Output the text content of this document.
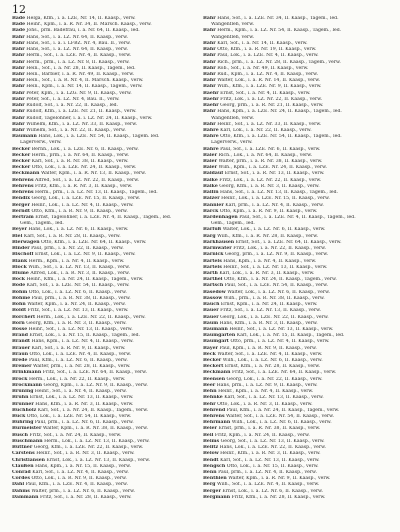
12
Bade Helga, Kfm., i. a. LZE, Nr. 14, II. Kaasp., verw.
Bade Heinr., Kpm., i. a. R. Nr. 34, II. Marsch. Kaasp., verw.
Bade Johs., prm. Badefrau, i. a. Nr. 64, II. Kaasp., led.
Bahr Hans, Sof., i. a. LZ. Nr. 64, II. Kaasp., verw.
Bahr Hans, Sof., i. a. i. LFBZ. Nr. 4, Bau. II., verw.
Bahr Hans, Sof., i. a. LZ. Nr. 64, II. Kaasp., verw.
Bahr Herm., Sof., i. a. LZE. Nr. 4, II. Kaasp., verw.
Bahr Herm., prm., i. a. LZ. Nr. 8, II. Kaasp., verw.
Bahr Hein., Sof., i. a. Nr. 28, II. Kaasp., Tagem., led.
Bahr Hein., Barbier, i. a. R. Nr. 49, II. Kaasp., verw.
Bahr Hein., Sof., i. a. R. Nr. 4, II. Marsch. Kaasp., verw.
Bahr Hein., Kpm., i. a. Nr. 14, II. Kaasp., Tagem., verw.
Bahr Peter, Kpm., i. a. LZG. Nr. 9, II. Kaasp., verw.
Bahr Peter, Sof., i. a. LZ. Nr. 4, Bau. II., verw.
Bahr Rudolf, Sof., i. a. Nr. 22, II. Kaasp., led.
Bahr Rudolf, Kfm., i. a. LZE. Nr. 21, II. Kaasp., verw.
Bahr Rudolf, Tagelöhner, i. a. i. LZ. Nr. 24, II. Kaasp., verw.
Bahr Wilhelm, Kfm., i. a. LZ. Nr. 33, II. Kaasp., verw.
Bahr Wilhelm, Sof., i. a. Nr. 22, II. Kaasp., verw.
Baumann Hans, Lok., i. a. LZE. Nr. 54, II. Kaasp., Tagem. led.
Lagerverw., verw.
Becker Bernh., Lok., i. a. LZE. Nr. 6, II. Kaasp., verw.
Becker Herm., prm., i. a. Nr. 64, II. Kaasp., verw.
Becker Karl, Sof., i. a. R. Nr. 38, II. Kaasp., verw.
Becker Otto, Lok., i. a. LZE. Nr. 24, II. Kaasp., verw.
Beckmann Walter, Kpm., i. a. R. Nr. 13, II. Kaasp., verw.
Behrens Alfred, Sof., i. a. LZ. Nr. 22, II. Kaasp., verw.
Behrens Fritz, Kfm., i. a. R. Nr. 3, II. Kaasp., verw.
Behrens Herm., prm., i. a. LZ. Nr. 13, II. Kaasp., Tagem., led.
Bendix Georg, Lok., i. a. LZE. Nr. 15, II. Kaasp., verw.
Berger Heinr., Lok., i. a. LZ. Nr. 4, II. Kaasp., verw.
Berndt Otto, Kfm., i. a. R. Nr. 9, II. Kaasp., verw.
Bertram Ernst, Tagelöhner, i. a. LZE. Nr. 4, II. Kaasp., Tagem., led.
Gem., Tagem., led.
Beyer Hans, Lok., i. a. LZ. Nr. 6, II. Kaasp., verw.
Biel Karl, Sof., i. a. R. Nr. 28, II. Kaasp., verw.
Bierwagen Otto, Kfm., i. a. LZE. Nr. 64, II. Kaasp., verw.
Binder Paul, prm., i. a. Nr. 22, II. Kaasp., verw.
Bischoff Ernst, Lok., i. a. LZ. Nr. 9, II. Kaasp., verw.
Blank Herm., Kpm., i. a. Nr. 4, II. Kaasp., verw.
Block Wilh., Sof., i. a. LZ. Nr. 13, II. Kaasp., verw.
Blume Alfred, Lok., i. a. R. Nr. 3, II. Kaasp., verw.
Bock Heinr., Kfm., i. a. Nr. 24, II. Kaasp., Tagem., verw.
Bode Karl, Sof., i. a. LZE. Nr. 54, II. Kaasp., verw.
Böhm Otto, Lok., i. a. LZ. Nr. 6, II. Kaasp., verw.
Böhme Paul, prm., i. a. R. Nr. 38, II. Kaasp., verw.
Bohn Walter, Kpm., i. a. Nr. 24, II. Kaasp., verw.
Boldt Fritz, Sof., i. a. LZ. Nr. 13, II. Kaasp., verw.
Borchert Herm., Lok., i. a. LZE. Nr. 22, II. Kaasp., verw.
Born Georg, Kfm., i. a. R. Nr. 3, II. Kaasp., verw.
Bosse Heinr., Sof., i. a. LZ. Nr. 13, II. Kaasp., verw.
Brand Ernst, Lok., i. a. Nr. 15, II. Kaasp., Tagem., led.
Brandt Hans, Kpm., i. a. LZ. Nr. 4, II. Kaasp., verw.
Brauer Karl, Sof., i. a. R. Nr. 9, II. Kaasp., verw.
Braun Otto, Lok., i. a. LZE. Nr. 4, II. Kaasp., verw.
Brede Paul, Kfm., i. a. LZ. Nr. 6, II. Kaasp., verw.
Bremer Walter, prm., i. a. Nr. 28, II. Kaasp., verw.
Brinkmann Fritz, Sof., i. a. LZE. Nr. 64, II. Kaasp., verw.
Brock Herm., Lok., i. a. Nr. 22, II. Kaasp., verw.
Brockmann Georg, Kpm., i. a. LZ. Nr. 9, II. Kaasp., verw.
Brüning Heinr., Sof., i. a. Nr. 4, II. Kaasp., verw.
Bruhn Ernst, Lok., i. a. LZ. Nr. 13, II. Kaasp., verw.
Brunner Hans, Kfm., i. a. R. Nr. 3, II. Kaasp., verw.
Buchholz Karl, Sof., i. a. Nr. 24, II. Kaasp., Tagem., verw.
Buck Otto, Lok., i. a. LZE. Nr. 54, II. Kaasp., verw.
Bühring Paul, prm., i. a. LZ. Nr. 6, II. Kaasp., verw.
Burmeister Walter, Kpm., i. a. R. Nr. 38, II. Kaasp., verw.
Busch Fritz, Sof., i. a. Nr. 24, II. Kaasp., verw.
Buschmann Herm., Lok., i. a. LZ. Nr. 13, II. Kaasp., verw.
Büttner Georg, Kfm., i. a. LZE. Nr. 22, II. Kaasp., verw.
Carstens Heinr., Sof., i. a. R. Nr. 3, II. Kaasp., verw.
Christiansen Ernst, Lok., i. a. LZ. Nr. 13, II. Kaasp., verw.
Claußen Hans, Kpm., i. a. Nr. 15, II. Kaasp., verw.
Conrad Karl, Sof., i. a. LZ. Nr. 4, II. Kaasp., verw.
Cordes Otto, Lok., i. a. R. Nr. 9, II. Kaasp., verw.
Dahl Paul, Kfm., i. a. LZE. Nr. 4, II. Kaasp., verw.
Dahms Walter, prm., i. a. LZ. Nr. 6, II. Kaasp., verw.
Dammann Fritz, Sof., i. a. Nr. 28, II. Kaasp., verw.
Bahr Hans, Sof., i. a. LZE. Nr. 34, II. Kaasp., Tagem., led.
Wangenfleh, verw.
Bahr Herm., Kpm., i. a. LZ. Nr. 54, II. Kaasp., Tagem., led.
Wangenfleh, verw.
Bahr Karl, Sof., i. a. Nr. 14, II. Kaasp., verw.
Bahr Otto, Kfm., i. a. R. Nr. 19, II. Kaasp., verw.
Bahr Paul, Lok., i. a. LZE. Nr. 4, II. Kaasp., verw.
Bahr Rich., prm., i. a. LZ. Nr. 28, II. Kaasp., Tagem., verw.
Bahr Rob., Sof., i. a. Nr. 49, II. Kaasp., verw.
Bahr Rud., Kpm., i. a. LZ. Nr. 4, II. Kaasp., verw.
Bahr Walter, Lok., i. a. R. Nr. 14, II. Kaasp., verw.
Bahr Wilh., Kfm., i. a. LZE. Nr. 9, II. Kaasp., verw.
Baehr Ernst, Sof., i. a. Nr. 4, II. Kaasp., verw.
Baehr Fritz, Lok., i. a. LZ. Nr. 22, II. Kaasp., verw.
Baehr Georg, prm., i. a. R. Nr. 21, II. Kaasp., verw.
Bähr Hans, Kpm., i. a. LZE. Nr. 24, II. Kaasp., Tagem., led.
Wangenfleh, verw.
Bähr Heinr., Sof., i. a. LZ. Nr. 33, II. Kaasp., verw.
Bähre Karl, Lok., i. a. Nr. 22, II. Kaasp., verw.
Bähre Otto, Kfm., i. a. LZE. Nr. 54, II. Kaasp., Tagem., led.
Lagerverw., verw.
Bähre Paul, Sof., i. a. LZE. Nr. 6, II. Kaasp., verw.
Baier Rich., Lok., i. a. Nr. 64, II. Kaasp., verw.
Baier Walter, prm., i. a. R. Nr. 38, II. Kaasp., verw.
Baier Wilh., Kpm., i. a. LZE. Nr. 24, II. Kaasp., verw.
Baldauf Ernst, Sof., i. a. R. Nr. 13, II. Kaasp., verw.
Balke Fritz, Lok., i. a. LZ. Nr. 22, II. Kaasp., verw.
Balke Georg, Kfm., i. a. R. Nr. 3, II. Kaasp., verw.
Ballin Hans, Sof., i. a. LZ. Nr. 13, II. Kaasp., Tagem., led.
Balzer Heinr., Lok., i. a. LZE. Nr. 15, II. Kaasp., verw.
Bannier Karl, prm., i. a. LZ. Nr. 4, II. Kaasp., verw.
Barck Otto, Kpm., i. a. R. Nr. 9, II. Kaasp., verw.
Bardenhagen Paul, Sof., i. a. LZE. Nr. 4, II. Kaasp., Tagem., led.
Gem., Tagem., led.
Barfuß Walter, Lok., i. a. LZ. Nr. 6, II. Kaasp., verw.
Barg Wilh., Kfm., i. a. R. Nr. 28, II. Kaasp., verw.
Barkhausen Ernst, Sof., i. a. LZE. Nr. 64, II. Kaasp., verw.
Barmwater Fritz, Lok., i. a. Nr. 22, II. Kaasp., verw.
Barnick Georg, prm., i. a. LZ. Nr. 9, II. Kaasp., verw.
Bartels Hans, Kpm., i. a. Nr. 4, II. Kaasp., verw.
Bartels Heinr., Sof., i. a. LZ. Nr. 13, II. Kaasp., verw.
Barth Karl, Lok., i. a. R. Nr. 3, II. Kaasp., verw.
Barthel Otto, Kfm., i. a. Nr. 24, II. Kaasp., Tagem., verw.
Bartsch Paul, Sof., i. a. LZE. Nr. 54, II. Kaasp., verw.
Basedow Walter, Lok., i. a. LZ. Nr. 6, II. Kaasp., verw.
Bassow Wilh., prm., i. a. R. Nr. 38, II. Kaasp., verw.
Bauch Ernst, Kpm., i. a. Nr. 24, II. Kaasp., verw.
Bauer Fritz, Sof., i. a. LZ. Nr. 13, II. Kaasp., verw.
Bauer Georg, Lok., i. a. LZE. Nr. 22, II. Kaasp., verw.
Baum Hans, Kfm., i. a. R. Nr. 3, II. Kaasp., verw.
Baumann Heinr., Sof., i. a. LZ. Nr. 13, II. Kaasp., verw.
Baumgarten Karl, Lok., i. a. Nr. 15, II. Kaasp., Tagem., led.
Baumgart Otto, prm., i. a. LZ. Nr. 4, II. Kaasp., verw.
Bayer Paul, Kpm., i. a. R. Nr. 9, II. Kaasp., verw.
Beck Walter, Sof., i. a. LZE. Nr. 4, II. Kaasp., verw.
Becker Wilh., Lok., i. a. LZ. Nr. 6, II. Kaasp., verw.
Beckert Ernst, Kfm., i. a. Nr. 28, II. Kaasp., verw.
Beckmann Fritz, Sof., i. a. LZE. Nr. 64, II. Kaasp., verw.
Beensen Georg, Lok., i. a. Nr. 22, II. Kaasp., verw.
Beer Hans, prm., i. a. LZ. Nr. 9, II. Kaasp., verw.
Behn Heinr., Kpm., i. a. Nr. 4, II. Kaasp., verw.
Behnke Karl, Sof., i. a. LZ. Nr. 13, II. Kaasp., verw.
Behr Otto, Lok., i. a. R. Nr. 3, II. Kaasp., verw.
Behrend Paul, Kfm., i. a. Nr. 24, II. Kaasp., Tagem., verw.
Behrens Walter, Sof., i. a. LZE. Nr. 54, II. Kaasp., verw.
Behrmann Wilh., Lok., i. a. LZ. Nr. 6, II. Kaasp., verw.
Beier Ernst, prm., i. a. R. Nr. 38, II. Kaasp., verw.
Beil Fritz, Kpm., i. a. Nr. 24, II. Kaasp., verw.
Beims Georg, Sof., i. a. LZ. Nr. 13, II. Kaasp., verw.
Belitz Hans, Lok., i. a. LZE. Nr. 22, II. Kaasp., verw.
Below Heinr., Kfm., i. a. R. Nr. 3, II. Kaasp., verw.
Bendt Karl, Sof., i. a. LZ. Nr. 13, II. Kaasp., verw.
Bengsch Otto, Lok., i. a. Nr. 15, II. Kaasp., verw.
Benn Paul, prm., i. a. LZ. Nr. 4, II. Kaasp., verw.
Benthien Walter, Kpm., i. a. R. Nr. 9, II. Kaasp., verw.
Berg Wilh., Sof., i. a. LZE. Nr. 4, II. Kaasp., verw.
Berger Ernst, Lok., i. a. LZ. Nr. 6, II. Kaasp., verw.
Bergmann Fritz, Kfm., i. a. Nr. 28, II. Kaasp., verw.
